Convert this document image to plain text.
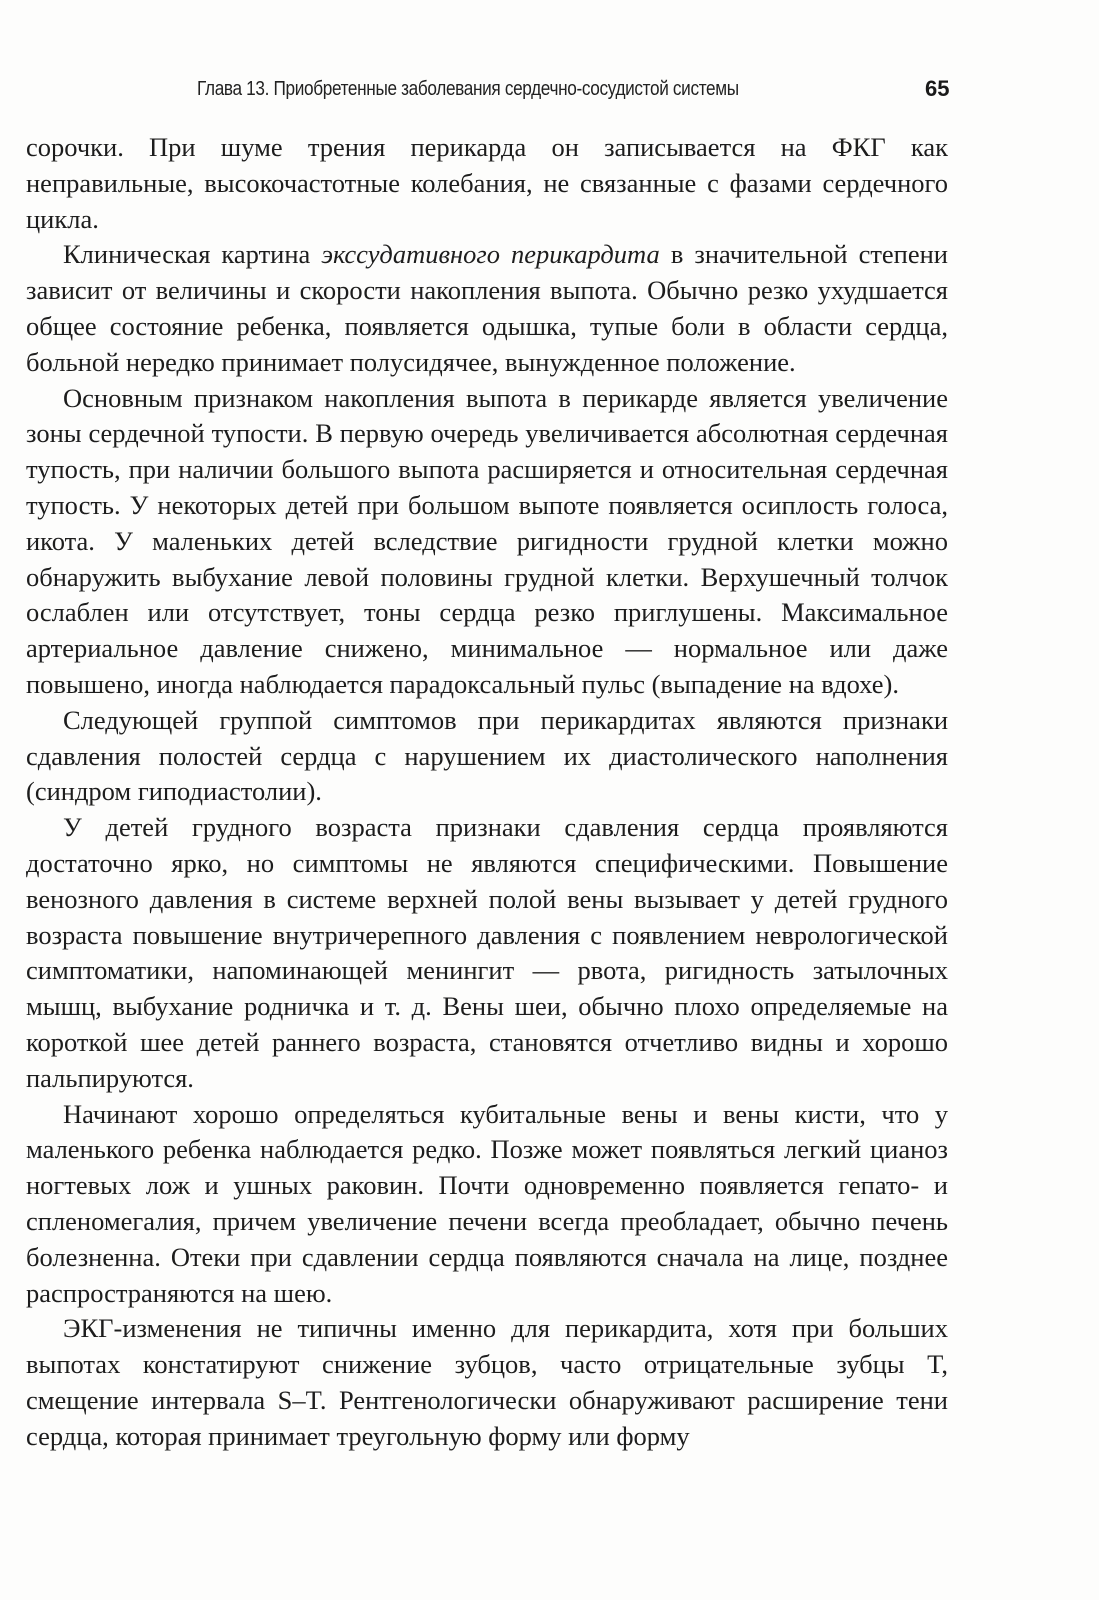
Глава 13. Приобретенные заболевания сердечно-сосудистой системы	65

сорочки. При шуме трения перикарда он записывается на ФКГ как неправильные, высокочастотные колебания, не связанные с фазами сердечного цикла.

Клиническая картина экссудативного перикардита в значительной степени зависит от величины и скорости накопления выпота. Обычно резко ухудшается общее состояние ребенка, появляется одышка, тупые боли в области сердца, больной нередко принимает полусидячее, вынужденное положение.

Основным признаком накопления выпота в перикарде является увеличение зоны сердечной тупости. В первую очередь увеличивается абсолютная сердечная тупость, при наличии большого выпота расширяется и относительная сердечная тупость. У некоторых детей при большом выпоте появляется осиплость голоса, икота. У маленьких детей вследствие ригидности грудной клетки можно обнаружить выбухание левой половины грудной клетки. Верхушечный толчок ослаблен или отсутствует, тоны сердца резко приглушены. Максимальное артериальное давление снижено, минимальное — нормальное или даже повышено, иногда наблюдается парадоксальный пульс (выпадение на вдохе).

Следующей группой симптомов при перикардитах являются признаки сдавления полостей сердца с нарушением их диастолического наполнения (синдром гиподиастолии).

У детей грудного возраста признаки сдавления сердца проявляются достаточно ярко, но симптомы не являются специфическими. Повышение венозного давления в системе верхней полой вены вызывает у детей грудного возраста повышение внутричерепного давления с появлением неврологической симптоматики, напоминающей менингит — рвота, ригидность затылочных мышц, выбухание родничка и т. д. Вены шеи, обычно плохо определяемые на короткой шее детей раннего возраста, становятся отчетливо видны и хорошо пальпируются.

Начинают хорошо определяться кубитальные вены и вены кисти, что у маленького ребенка наблюдается редко. Позже может появляться легкий цианоз ногтевых лож и ушных раковин. Почти одновременно появляется гепато- и спленомегалия, причем увеличение печени всегда преобладает, обычно печень болезненна. Отеки при сдавлении сердца появляются сначала на лице, позднее распространяются на шею.

ЭКГ-изменения не типичны именно для перикардита, хотя при больших выпотах констатируют снижение зубцов, часто отрицательные зубцы T, смещение интервала S–T. Рентгенологически обнаруживают расширение тени сердца, которая принимает треугольную форму или форму
